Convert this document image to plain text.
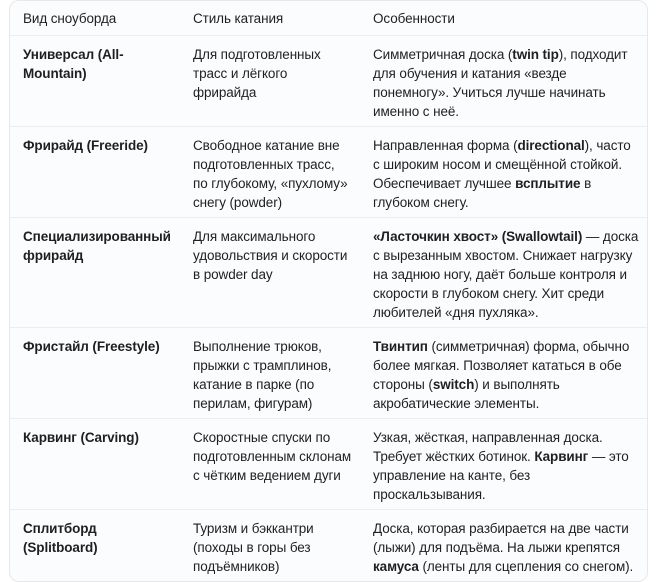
Вид сноуборда	Стиль катания	Особенности
Универсал (All-Mountain)	Для подготовленных трасс и лёгкого фрирайда	Симметричная доска (twin tip), подходит для обучения и катания «везде понемногу». Учиться лучше начинать именно с неё.
Фрирайд (Freeride)	Свободное катание вне подготовленных трасс, по глубокому, «пухлому» снегу (powder)	Направленная форма (directional), часто с широким носом и смещённой стойкой. Обеспечивает лучшее всплытие в глубоком снегу.
Специализированный фрирайд	Для максимального удовольствия и скорости в powder day	«Ласточкин хвост» (Swallowtail) — доска с вырезанным хвостом. Снижает нагрузку на заднюю ногу, даёт больше контроля и скорости в глубоком снегу. Хит среди любителей «дня пухляка».
Фристайл (Freestyle)	Выполнение трюков, прыжки с трамплинов, катание в парке (по перилам, фигурам)	Твинтип (симметричная) форма, обычно более мягкая. Позволяет кататься в обе стороны (switch) и выполнять акробатические элементы.
Карвинг (Carving)	Скоростные спуски по подготовленным склонам с чётким ведением дуги	Узкая, жёсткая, направленная доска. Требует жёстких ботинок. Карвинг — это управление на канте, без проскальзывания.
Сплитборд (Splitboard)	Туризм и бэккантри (походы в горы без подъёмников)	Доска, которая разбирается на две части (лыжи) для подъёма. На лыжи крепятся камуса (ленты для сцепления со снегом).
